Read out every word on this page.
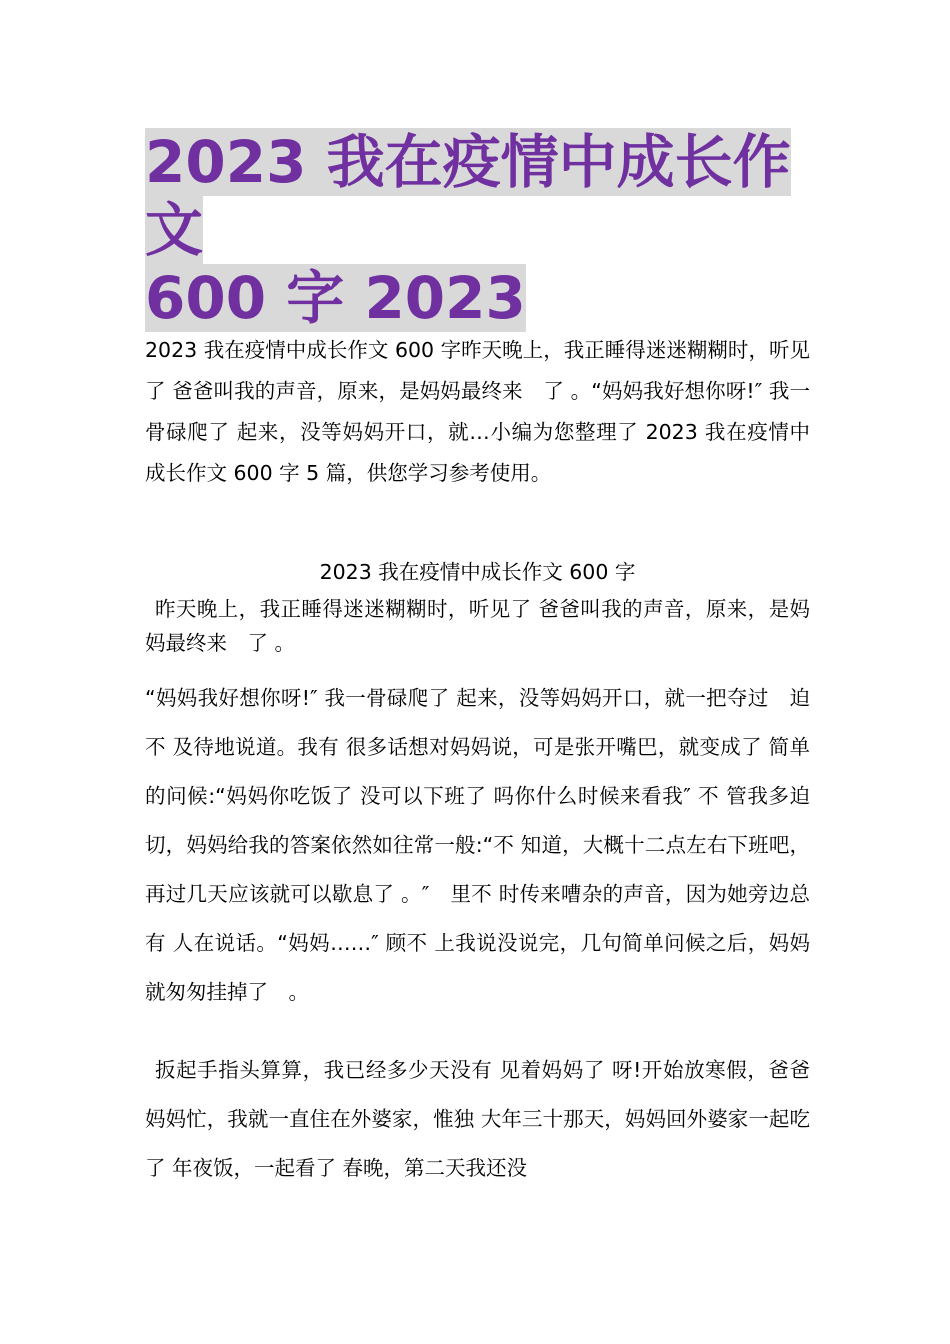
2023 我在疫情中成长作文
600 字 2023

2023 我在疫情中成长作文 600 字昨天晚上，我正睡得迷迷糊糊时，听见了 爸爸叫我的声音，原来，是妈妈最终来　了 。“妈妈我好想你呀!″ 我一骨碌爬了 起来，没等妈妈开口，就…小编为您整理了 2023 我在疫情中成长作文 600 字 5 篇，供您学习参考使用。

2023 我在疫情中成长作文 600 字

昨天晚上，我正睡得迷迷糊糊时，听见了 爸爸叫我的声音，原来，是妈妈最终来　了 。

“妈妈我好想你呀!″ 我一骨碌爬了 起来，没等妈妈开口，就一把夺过　迫不 及待地说道。我有 很多话想对妈妈说，可是张开嘴巴，就变成了 简单的问候:“妈妈你吃饭了 没可以下班了 吗你什么时候来看我″ 不 管我多迫切，妈妈给我的答案依然如往常一般:“不 知道，大概十二点左右下班吧，再过几天应该就可以歇息了 。″　里不 时传来嘈杂的声音，因为她旁边总有 人在说话。“妈妈……″ 顾不 上我说没说完，几句简单问候之后，妈妈就匆匆挂掉了　。

扳起手指头算算，我已经多少天没有 见着妈妈了 呀!开始放寒假，爸爸妈妈忙，我就一直住在外婆家，惟独 大年三十那天，妈妈回外婆家一起吃了 年夜饭，一起看了 春晚，第二天我还没
